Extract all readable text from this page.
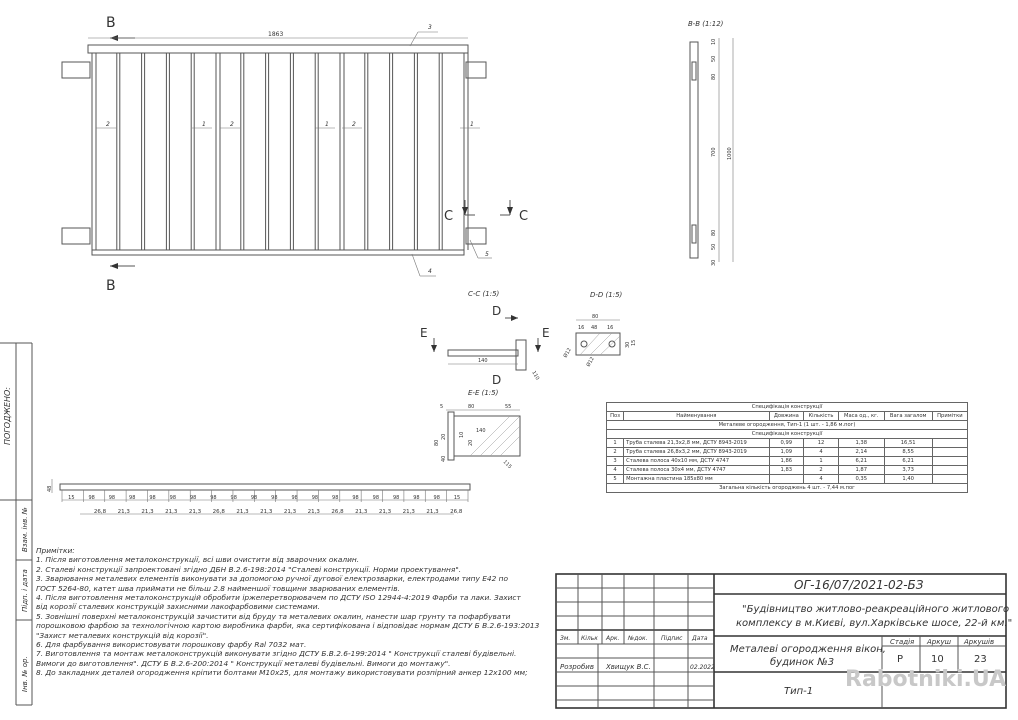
ПОГОДЖЕНО:
Взам. інв. №
Підп. і дата
Інв. № ор.
B
B
1863
2	1	2	1	2	1
3
4
5
C	C
B-B (1:12)
10
50
80
700
80
50
30
1000
C-C (1:5)
140
110
D
D
E	E
D-D (1:5)
80
16 48 16
30 15
Ø12
Ø12
E-E (1:5)
5	80	55
80
20 10
20
40
140
115
48
15	98	98	98	98	98	98	98	98	98	98	98	98	98	98	98	98	98	98	15
26,8 21,3 21,3 21,3 21,3 26,8 21,3 21,3 21,3 21,3 26,8 21,3 21,3 21,3 21,3 26,8
ОГ-16/07/2021-02-БЗ
"Будівництво житлово-реакреаційного житлового
комплексу в м.Києві, вул.Харківське шосе, 22-й км."
Зм. Кільк Арк. №док. Підпис Дата
Розробив Хвищук В.С.	02.2022
Металеві огородження вікон,
будинок №3
Стадія Аркуш Аркушів
Р	10	23
Тип-1 Rabotniki.UA
Примітки:
1. Після виготовлення металоконструкції, всі шви очистити від зварочних окалин.
2. Сталеві конструкції запроектовані згідно ДБН В.2.6-198:2014 "Сталеві конструкції. Норми проектування".
3. Зварювання металевих елементів виконувати за допомогою ручної дугової електрозварки, електродами типу Е42 по
ГОСТ 5264-80, катет шва приймати не більш 2.8 найменшої товщини зварюваних елементів.
4. Після виготовлення металоконструкцій обробити іржеперетворювачем по ДСТУ ISO 12944-4:2019 Фарби та лаки. Захист
від корозії сталевих конструкцій захисними лакофарбовими системами.
5. Зовнішні поверхні металоконструкцій зачистити від бруду та металевих окалин, нанести шар грунту та пофарбувати
порошковою фарбою за технологічною картою виробника фарби, яка сертифікована і відповідає нормам ДСТУ Б В.2.6-193:2013
"Захист металевих конструкцій від корозії".
6. Для фарбування використовувати порошкову фарбу Ral 7032 мат.
7. Виготовлення та монтаж металоконструкцій виконувати згідно ДСТУ Б.В.2.6-199:2014 " Конструкції сталеві будівельні.
Вимоги до виготовлення". ДСТУ Б В.2.6-200:2014 " Конструкції металеві будівельні. Вимоги до монтажу".
8. До закладних деталей огородження кріпити болтами М10х25, для монтажу використовувати розпірний анкер 12х100 мм;
Специфікація конструкції						
Поз	Найменування	Довжина	Кількість	Маса од., кг.	Вага загалом	Примітки
Металеве огородження, Тип-1 (1 шт. - 1,86 м.пог)						
Специфікація конструкції						
1	Труба сталева 21,3х2,8 мм, ДСТУ 8943-2019	0,99	12	1,38	16,51	
2	Труба сталева 26,8х3,2 мм, ДСТУ 8943-2019	1,09	4	2,14	8,55	
3	Сталева полоса 40х10 мм, ДСТУ 4747	1,86	1	6,21	6,21	
4	Сталева полоса 30х4 мм, ДСТУ 4747	1,83	2	1,87	3,73	
5	Монтажна пластина 185х80 мм		4	0,35	1,40	
Загальна кількість огороджень 4 шт. - 7,44 м.пог						
